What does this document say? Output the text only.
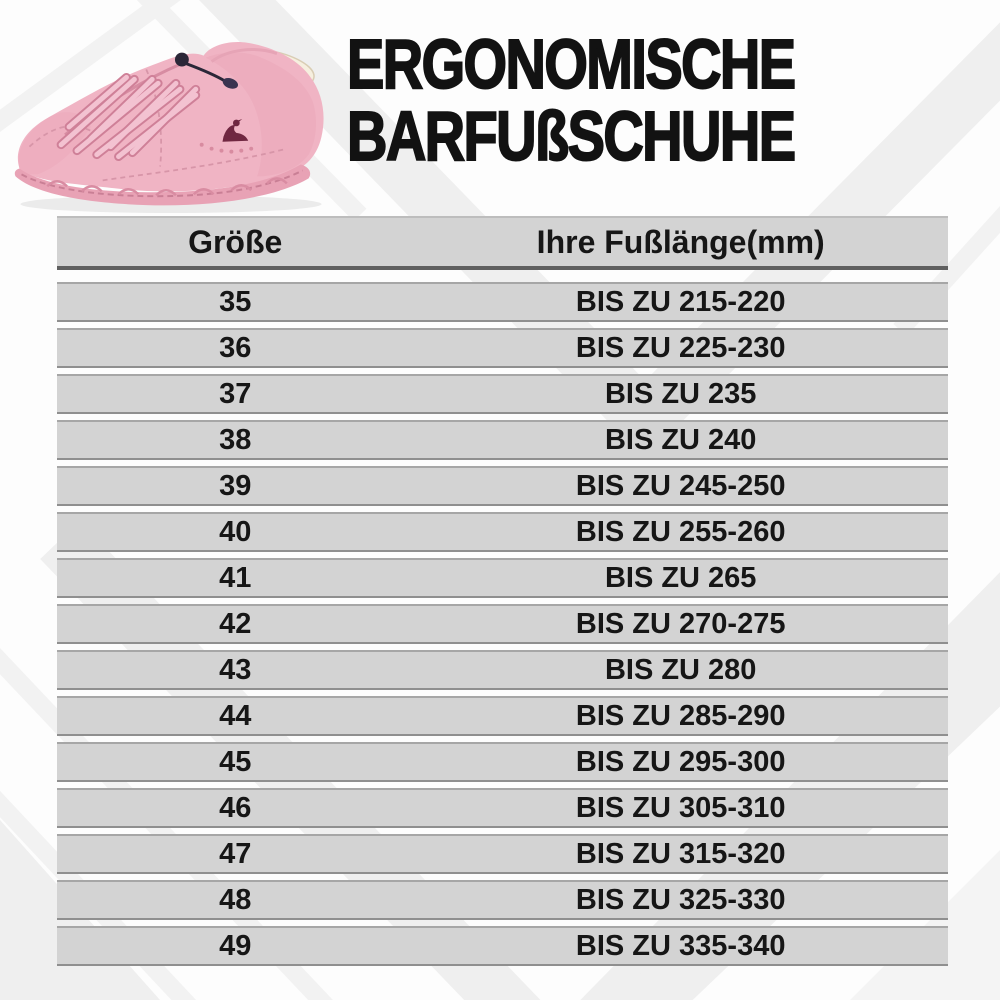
ERGONOMISCHE
BARFUßSCHUHE
Größe	Ihre Fußlänge(mm)
35	BIS ZU 215-220
36	BIS ZU 225-230
37	BIS ZU 235
38	BIS ZU 240
39	BIS ZU 245-250
40	BIS ZU 255-260
41	BIS ZU 265
42	BIS ZU 270-275
43	BIS ZU 280
44	BIS ZU 285-290
45	BIS ZU 295-300
46	BIS ZU 305-310
47	BIS ZU 315-320
48	BIS ZU 325-330
49	BIS ZU 335-340
